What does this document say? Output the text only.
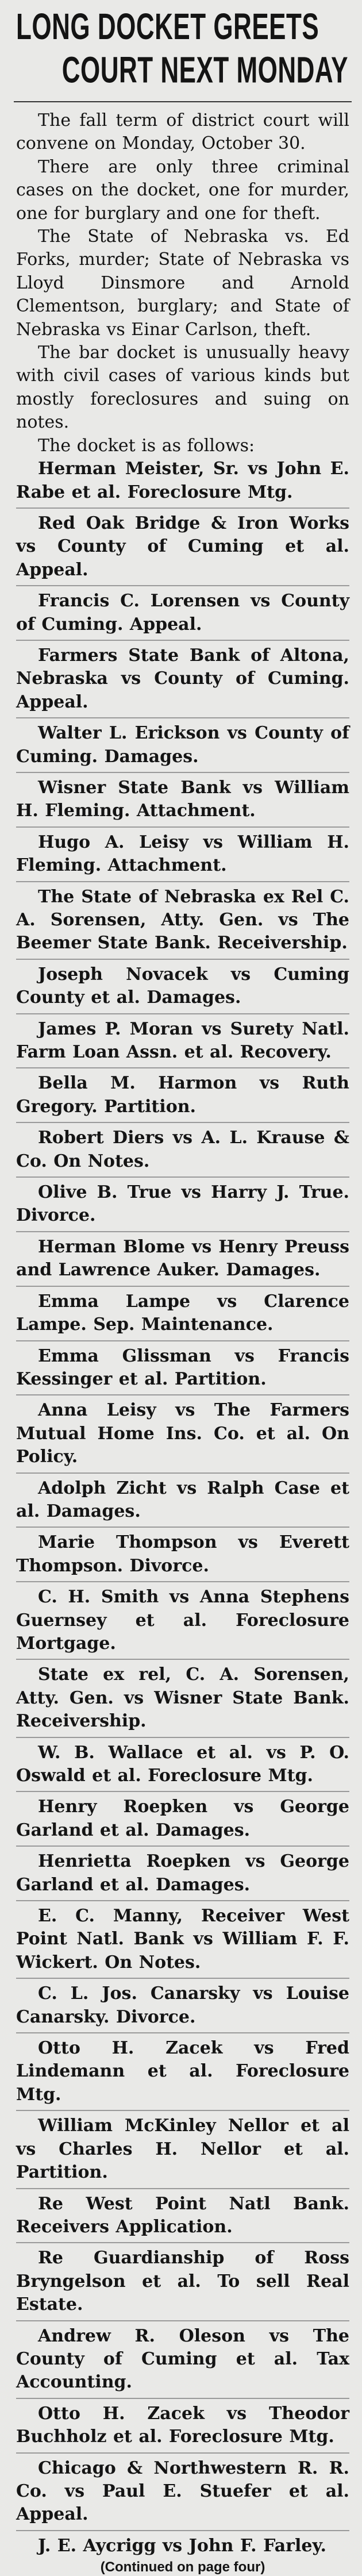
LONG DOCKET GREETS
COURT NEXT MONDAY

The fall term of district court will convene on Monday, October 30.

There are only three criminal cases on the docket, one for murder, one for burglary and one for theft.

The State of Nebraska vs. Ed Forks, murder; State of Nebraska vs Lloyd Dinsmore and Arnold Clementson, burglary; and State of Nebraska vs Einar Carlson, theft.

The bar docket is unusually heavy with civil cases of various kinds but mostly foreclosures and suing on notes.

The docket is as follows:

Herman Meister, Sr. vs John E. Rabe et al. Foreclosure Mtg.

Red Oak Bridge & Iron Works vs County of Cuming et al. Appeal.

Francis C. Lorensen vs County of Cuming. Appeal.

Farmers State Bank of Altona, Nebraska vs County of Cuming. Appeal.

Walter L. Erickson vs County of Cuming. Damages.

Wisner State Bank vs William H. Fleming. Attachment.

Hugo A. Leisy vs William H. Fleming. Attachment.

The State of Nebraska ex Rel C. A. Sorensen, Atty. Gen. vs The Beemer State Bank. Receivership.

Joseph Novacek vs Cuming County et al. Damages.

James P. Moran vs Surety Natl. Farm Loan Assn. et al. Recovery.

Bella M. Harmon vs Ruth Gregory. Partition.

Robert Diers vs A. L. Krause & Co. On Notes.

Olive B. True vs Harry J. True. Divorce.

Herman Blome vs Henry Preuss and Lawrence Auker. Damages.

Emma Lampe vs Clarence Lampe. Sep. Maintenance.

Emma Glissman vs Francis Kessinger et al. Partition.

Anna Leisy vs The Farmers Mutual Home Ins. Co. et al. On Policy.

Adolph Zicht vs Ralph Case et al. Damages.

Marie Thompson vs Everett Thompson. Divorce.

C. H. Smith vs Anna Stephens Guernsey et al. Foreclosure Mortgage.

State ex rel, C. A. Sorensen, Atty. Gen. vs Wisner State Bank. Receivership.

W. B. Wallace et al. vs P. O. Oswald et al. Foreclosure Mtg.

Henry Roepken vs George Garland et al. Damages.

Henrietta Roepken vs George Garland et al. Damages.

E. C. Manny, Receiver West Point Natl. Bank vs William F. F. Wickert. On Notes.

C. L. Jos. Canarsky vs Louise Canarsky. Divorce.

Otto H. Zacek vs Fred Lindemann et al. Foreclosure Mtg.

William McKinley Nellor et al vs Charles H. Nellor et al. Partition.

Re West Point Natl Bank. Receivers Application.

Re Guardianship of Ross Bryngelson et al. To sell Real Estate.

Andrew R. Oleson vs The County of Cuming et al. Tax Accounting.

Otto H. Zacek vs Theodor Buchholz et al. Foreclosure Mtg.

Chicago & Northwestern R. R. Co. vs Paul E. Stuefer et al. Appeal.

J. E. Aycrigg vs John F. Farley.

(Continued on page four)
